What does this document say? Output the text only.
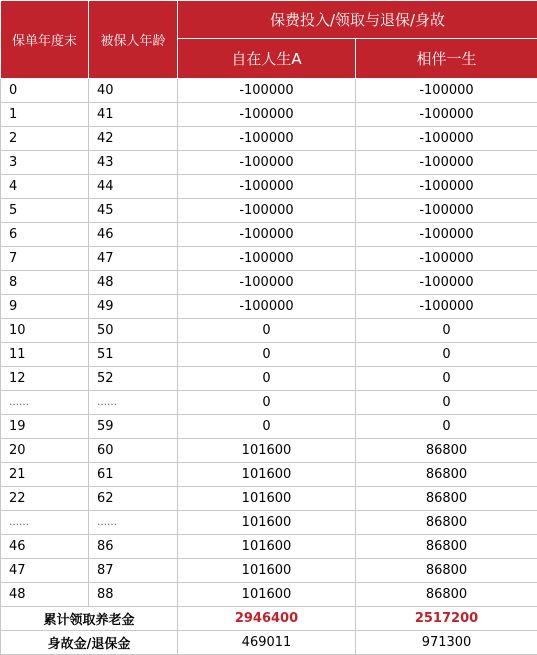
保单年度末	被保人年龄	保费投入/领取与退保/身故	
		自在人生A	相伴一生
0	40	-100000	-100000
1	41	-100000	-100000
2	42	-100000	-100000
3	43	-100000	-100000
4	44	-100000	-100000
5	45	-100000	-100000
6	46	-100000	-100000
7	47	-100000	-100000
8	48	-100000	-100000
9	49	-100000	-100000
10	50	0	0
11	51	0	0
12	52	0	0
……	……	0	0
19	59	0	0
20	60	101600	86800
21	61	101600	86800
22	62	101600	86800
……	……	101600	86800
46	86	101600	86800
47	87	101600	86800
48	88	101600	86800
累计领取养老金		2946400	2517200
身故金/退保金		469011	971300
